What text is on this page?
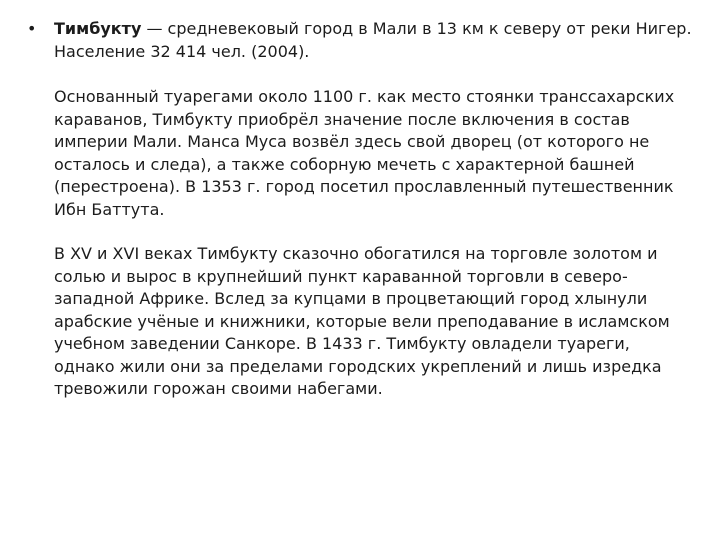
• Тимбукту — средневековый город в Мали в 13 км к северу от реки Нигер.
Население 32 414 чел. (2004).

Основанный туарегами около 1100 г. как место стоянки транссахарских
караванов, Тимбукту приобрёл значение после включения в состав
империи Мали. Манса Муса возвёл здесь свой дворец (от которого не
осталось и следа), а также соборную мечеть с характерной башней
(перестроена). В 1353 г. город посетил прославленный путешественник
Ибн Баттута.

В XV и XVI веках Тимбукту сказочно обогатился на торговле золотом и
солью и вырос в крупнейший пункт караванной торговли в северо-
западной Африке. Вслед за купцами в процветающий город хлынули
арабские учёные и книжники, которые вели преподавание в исламском
учебном заведении Санкоре. В 1433 г. Тимбукту овладели туареги,
однако жили они за пределами городских укреплений и лишь изредка
тревожили горожан своими набегами.
